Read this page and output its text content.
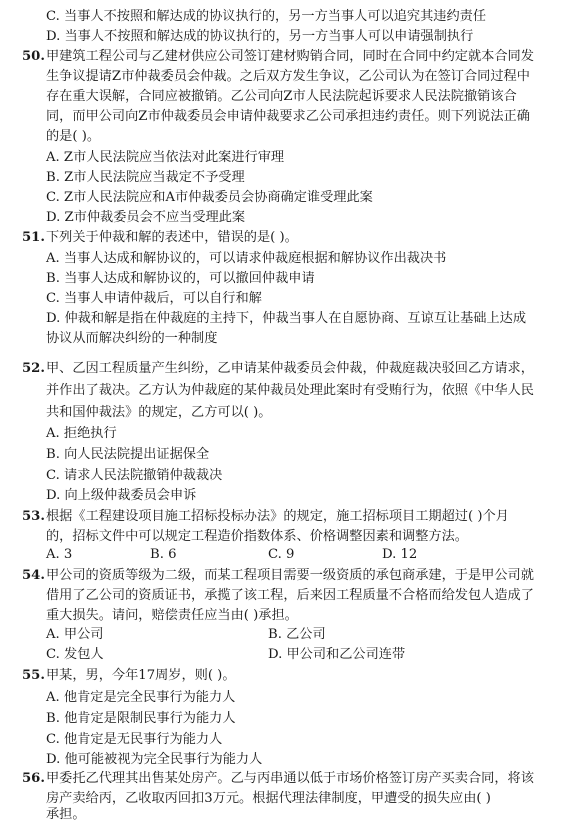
C. 当事人不按照和解达成的协议执行的，另一方当事人可以追究其违约责任
D. 当事人不按照和解达成的协议执行的，另一方当事人可以申请强制执行
50. 甲建筑工程公司与乙建材供应公司签订建材购销合同，同时在合同中约定就本合同发
生争议提请Z市仲裁委员会仲裁。之后双方发生争议，乙公司认为在签订合同过程中
存在重大误解，合同应被撤销。乙公司向Z市人民法院起诉要求人民法院撤销该合
同，而甲公司向Z市仲裁委员会申请仲裁要求乙公司承担违约责任。则下列说法正确
的是( )。
A. Z市人民法院应当依法对此案进行审理
B. Z市人民法院应当裁定不予受理
C. Z市人民法院应和A市仲裁委员会协商确定谁受理此案
D. Z市仲裁委员会不应当受理此案
51. 下列关于仲裁和解的表述中，错误的是( )。
A. 当事人达成和解协议的，可以请求仲裁庭根据和解协议作出裁决书
B. 当事人达成和解协议的，可以撤回仲裁申请
C. 当事人申请仲裁后，可以自行和解
D. 仲裁和解是指在仲裁庭的主持下，仲裁当事人在自愿协商、互谅互让基础上达成
协议从而解决纠纷的一种制度
52. 甲、乙因工程质量产生纠纷，乙申请某仲裁委员会仲裁，仲裁庭裁决驳回乙方请求，
并作出了裁决。乙方认为仲裁庭的某仲裁员处理此案时有受贿行为，依照《中华人民
共和国仲裁法》的规定，乙方可以( )。
A. 拒绝执行
B. 向人民法院提出证据保全
C. 请求人民法院撤销仲裁裁决
D. 向上级仲裁委员会申诉
53. 根据《工程建设项目施工招标投标办法》的规定，施工招标项目工期超过( )个月
的，招标文件中可以规定工程造价指数体系、价格调整因素和调整方法。
A. 3	B. 6	C. 9	D. 12
54. 甲公司的资质等级为二级，而某工程项目需要一级资质的承包商承建，于是甲公司就
借用了乙公司的资质证书，承揽了该工程，后来因工程质量不合格而给发包人造成了
重大损失。请问，赔偿责任应当由( )承担。
A. 甲公司	B. 乙公司
C. 发包人	D. 甲公司和乙公司连带
55. 甲某，男，今年17周岁，则( )。
A. 他肯定是完全民事行为能力人
B. 他肯定是限制民事行为能力人
C. 他肯定是无民事行为能力人
D. 他可能被视为完全民事行为能力人
56. 甲委托乙代理其出售某处房产。乙与丙串通以低于市场价格签订房产买卖合同，将该
房产卖给丙，乙收取丙回扣3万元。根据代理法律制度，甲遭受的损失应由( )
承担。
